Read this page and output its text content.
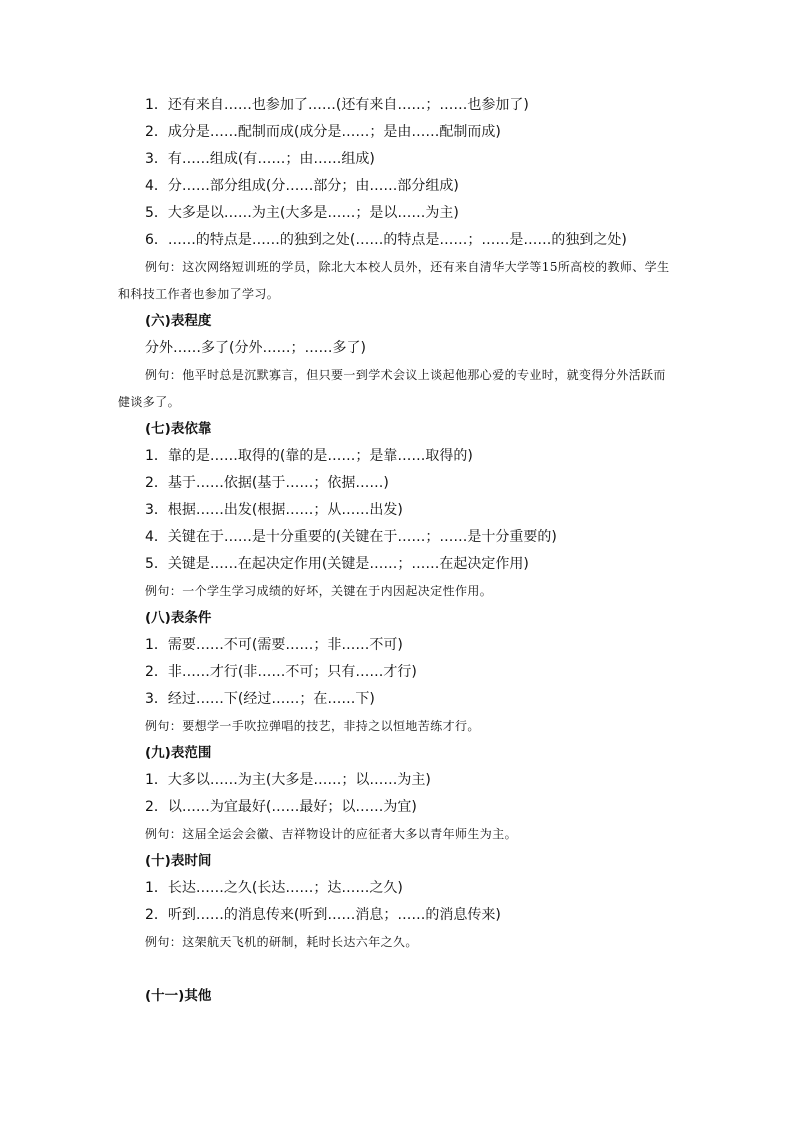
1．还有来自……也参加了……(还有来自……；……也参加了)
2．成分是……配制而成(成分是……；是由……配制而成)
3．有……组成(有……；由……组成)
4．分……部分组成(分……部分；由……部分组成)
5．大多是以……为主(大多是……；是以……为主)
6．……的特点是……的独到之处(……的特点是……；……是……的独到之处)
例句：这次网络短训班的学员，除北大本校人员外，还有来自清华大学等15所高校的教师、学生和科技工作者也参加了学习。
(六)表程度
分外……多了(分外……；……多了)
例句：他平时总是沉默寡言，但只要一到学术会议上谈起他那心爱的专业时，就变得分外活跃而健谈多了。
(七)表依靠
1．靠的是……取得的(靠的是……；是靠……取得的)
2．基于……依据(基于……；依据……)
3．根据……出发(根据……；从……出发)
4．关键在于……是十分重要的(关键在于……；……是十分重要的)
5．关键是……在起决定作用(关键是……；……在起决定作用)
例句：一个学生学习成绩的好坏，关键在于内因起决定性作用。
(八)表条件
1．需要……不可(需要……；非……不可)
2．非……才行(非……不可；只有……才行)
3．经过……下(经过……；在……下)
例句：要想学一手吹拉弹唱的技艺，非持之以恒地苦练才行。
(九)表范围
1．大多以……为主(大多是……；以……为主)
2．以……为宜最好(……最好；以……为宜)
例句：这届全运会会徽、吉祥物设计的应征者大多以青年师生为主。
(十)表时间
1．长达……之久(长达……；达……之久)
2．听到……的消息传来(听到……消息；……的消息传来)
例句：这架航天飞机的研制，耗时长达六年之久。
(十一)其他
